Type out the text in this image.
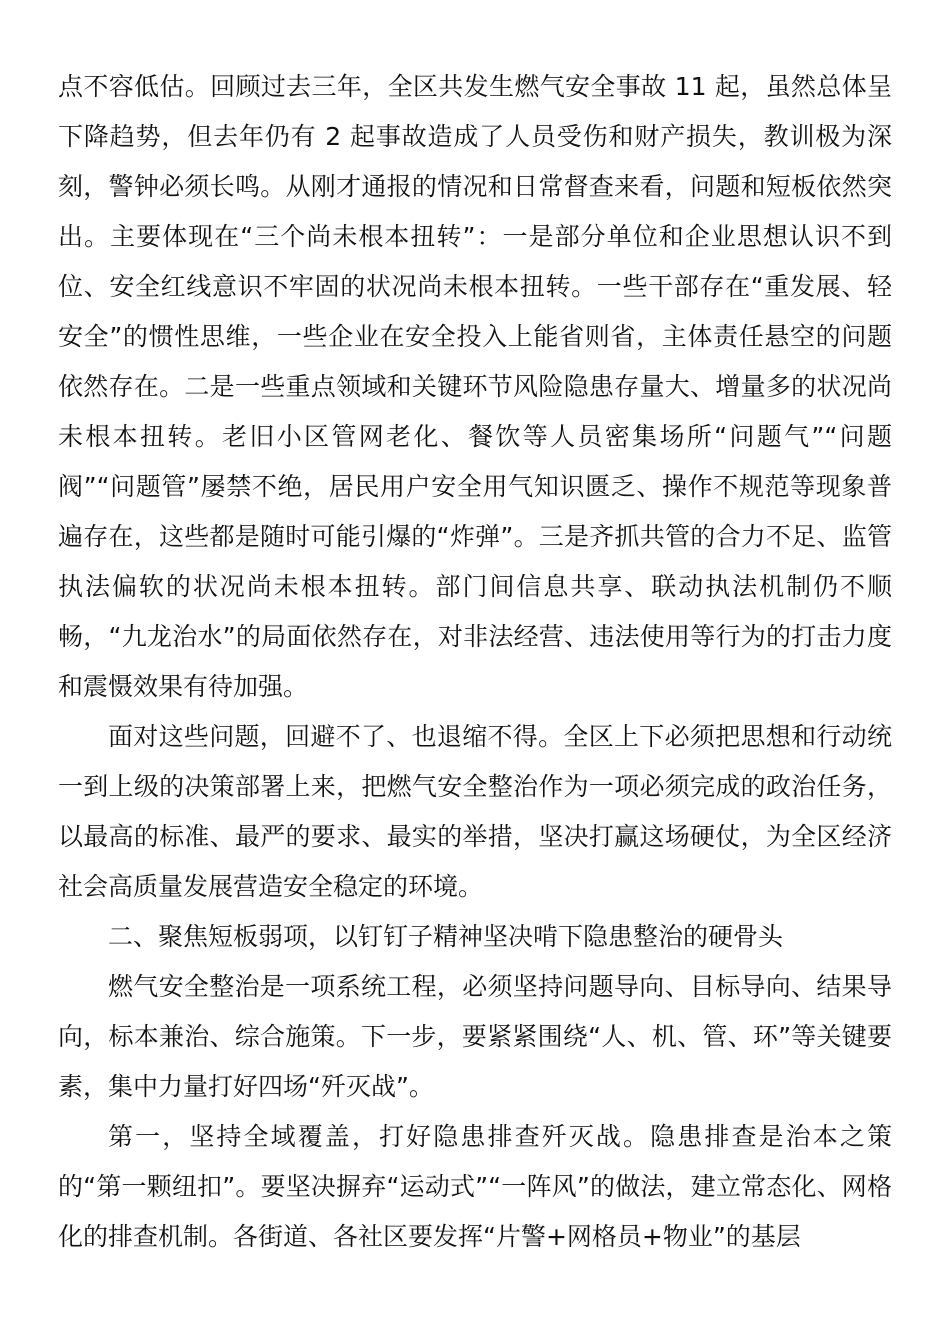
点不容低估。回顾过去三年，全区共发生燃气安全事故 11 起，虽然总体呈下降趋势，但去年仍有 2 起事故造成了人员受伤和财产损失，教训极为深刻，警钟必须长鸣。从刚才通报的情况和日常督查来看，问题和短板依然突出。主要体现在“三个尚未根本扭转”：一是部分单位和企业思想认识不到位、安全红线意识不牢固的状况尚未根本扭转。一些干部存在“重发展、轻安全”的惯性思维，一些企业在安全投入上能省则省，主体责任悬空的问题依然存在。二是一些重点领域和关键环节风险隐患存量大、增量多的状况尚未根本扭转。老旧小区管网老化、餐饮等人员密集场所“问题气”“问题阀”“问题管”屡禁不绝，居民用户安全用气知识匮乏、操作不规范等现象普遍存在，这些都是随时可能引爆的“炸弹”。三是齐抓共管的合力不足、监管执法偏软的状况尚未根本扭转。部门间信息共享、联动执法机制仍不顺畅，“九龙治水”的局面依然存在，对非法经营、违法使用等行为的打击力度和震慑效果有待加强。

面对这些问题，回避不了、也退缩不得。全区上下必须把思想和行动统一到上级的决策部署上来，把燃气安全整治作为一项必须完成的政治任务，以最高的标准、最严的要求、最实的举措，坚决打赢这场硬仗，为全区经济社会高质量发展营造安全稳定的环境。

二、聚焦短板弱项，以钉钉子精神坚决啃下隐患整治的硬骨头

燃气安全整治是一项系统工程，必须坚持问题导向、目标导向、结果导向，标本兼治、综合施策。下一步，要紧紧围绕“人、机、管、环”等关键要素，集中力量打好四场“歼灭战”。

第一，坚持全域覆盖，打好隐患排查歼灭战。隐患排查是治本之策的“第一颗纽扣”。要坚决摒弃“运动式”“一阵风”的做法，建立常态化、网格化的排查机制。各街道、各社区要发挥“片警+网格员+物业”的基层
